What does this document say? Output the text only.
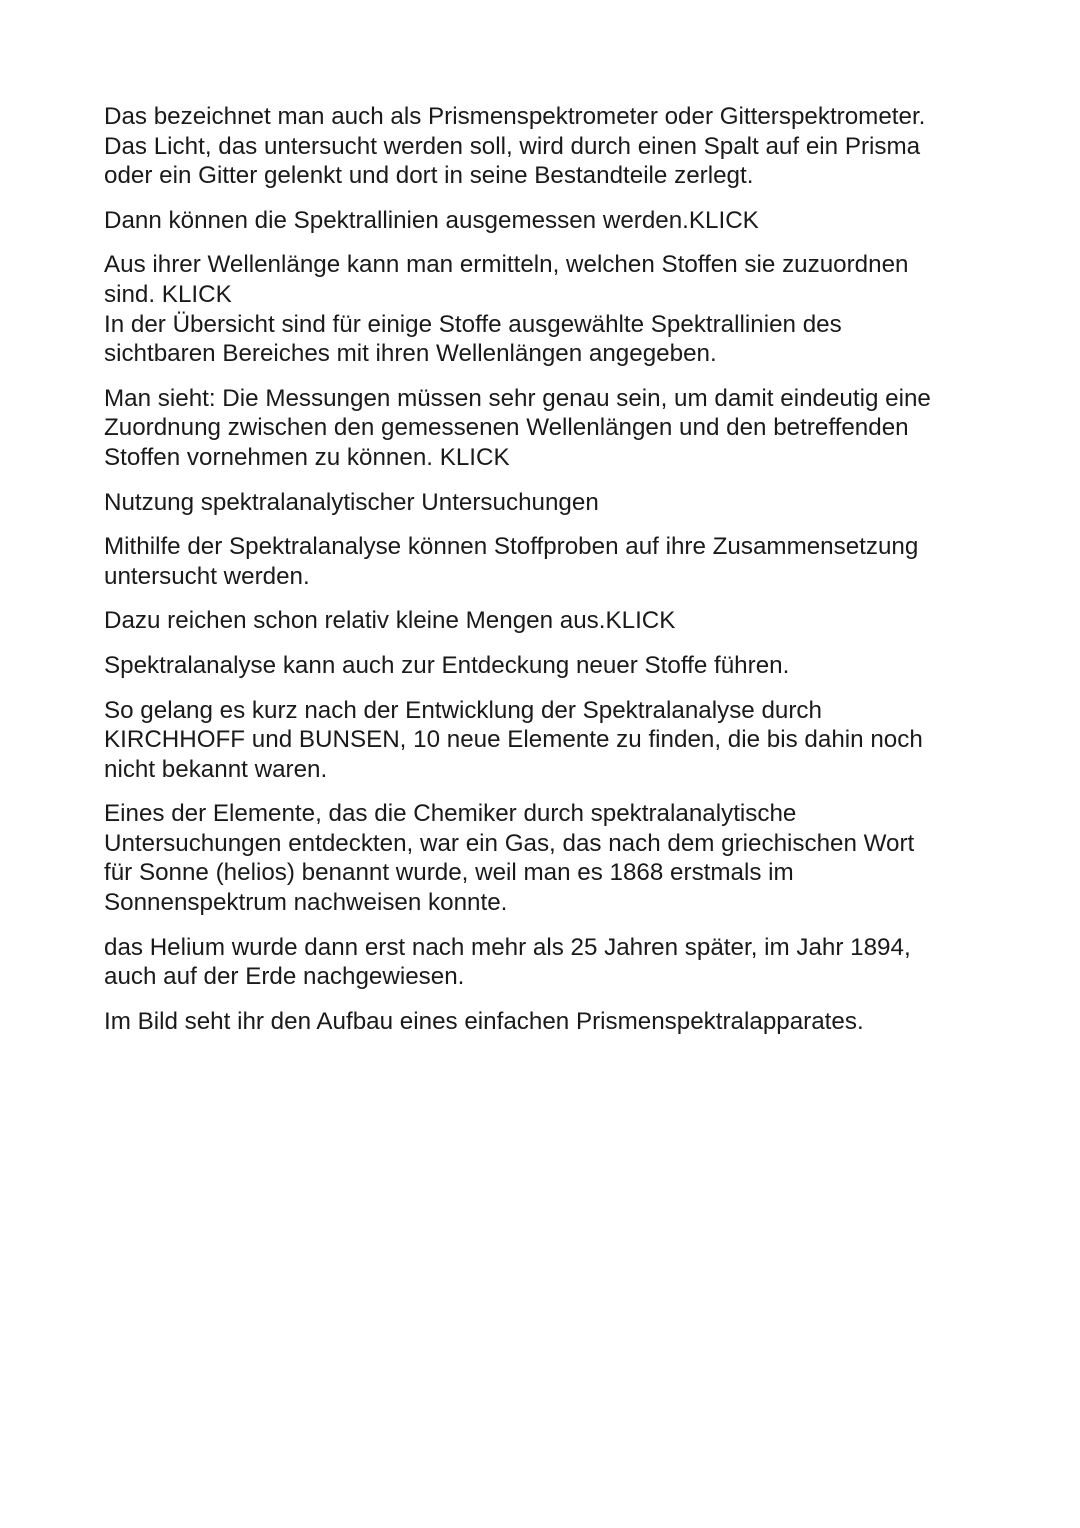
Das bezeichnet man auch als Prismenspektrometer oder Gitterspektrometer.
Das Licht, das untersucht werden soll, wird durch einen Spalt auf ein Prisma
oder ein Gitter gelenkt und dort in seine Bestandteile zerlegt.

Dann können die Spektrallinien ausgemessen werden.KLICK

Aus ihrer Wellenlänge kann man ermitteln, welchen Stoffen sie zuzuordnen
sind. KLICK

In der Übersicht sind für einige Stoffe ausgewählte Spektrallinien des
sichtbaren Bereiches mit ihren Wellenlängen angegeben.

Man sieht: Die Messungen müssen sehr genau sein, um damit eindeutig eine
Zuordnung zwischen den gemessenen Wellenlängen und den betreffenden
Stoffen vornehmen zu können. KLICK

Nutzung spektralanalytischer Untersuchungen

Mithilfe der Spektralanalyse können Stoffproben auf ihre Zusammensetzung
untersucht werden.

Dazu reichen schon relativ kleine Mengen aus.KLICK

Spektralanalyse kann auch zur Entdeckung neuer Stoffe führen.

So gelang es kurz nach der Entwicklung der Spektralanalyse durch
KIRCHHOFF und BUNSEN, 10 neue Elemente zu finden, die bis dahin noch
nicht bekannt waren.

Eines der Elemente, das die Chemiker durch spektralanalytische
Untersuchungen entdeckten, war ein Gas, das nach dem griechischen Wort
für Sonne (helios) benannt wurde, weil man es 1868 erstmals im
Sonnenspektrum nachweisen konnte.

das Helium wurde dann erst nach mehr als 25 Jahren später, im Jahr 1894,
auch auf der Erde nachgewiesen.

Im Bild seht ihr den Aufbau eines einfachen Prismenspektralapparates.
